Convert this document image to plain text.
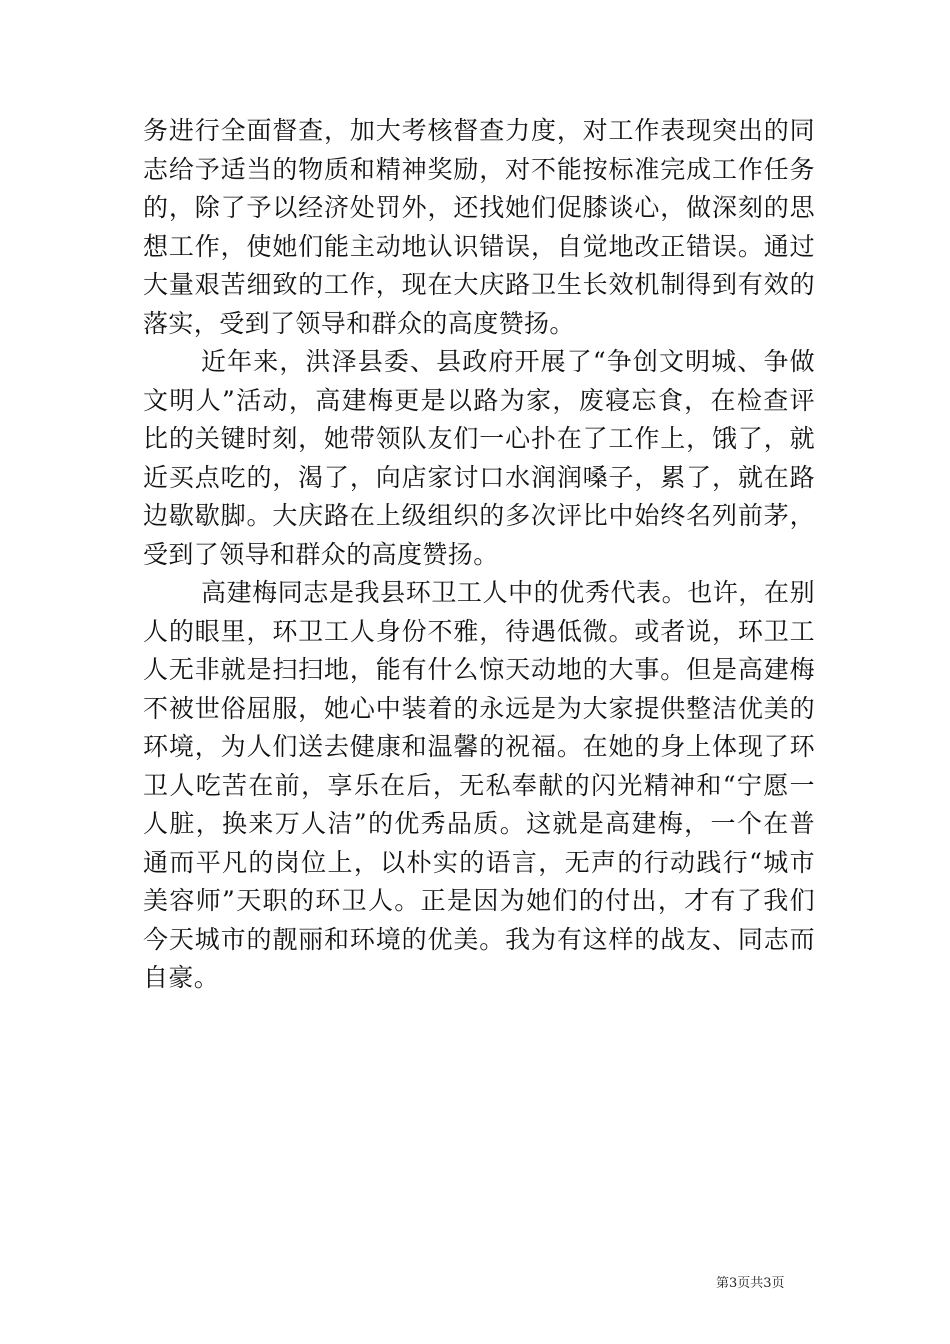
务进行全面督查，加大考核督查力度，对工作表现突出的同志给予适当的物质和精神奖励，对不能按标准完成工作任务的，除了予以经济处罚外，还找她们促膝谈心，做深刻的思想工作，使她们能主动地认识错误，自觉地改正错误。通过大量艰苦细致的工作，现在大庆路卫生长效机制得到有效的落实，受到了领导和群众的高度赞扬。

近年来，洪泽县委、县政府开展了“争创文明城、争做文明人”活动，高建梅更是以路为家，废寝忘食，在检查评比的关键时刻，她带领队友们一心扑在了工作上，饿了，就近买点吃的，渴了，向店家讨口水润润嗓子，累了，就在路边歇歇脚。大庆路在上级组织的多次评比中始终名列前茅，受到了领导和群众的高度赞扬。

高建梅同志是我县环卫工人中的优秀代表。也许，在别人的眼里，环卫工人身份不雅，待遇低微。或者说，环卫工人无非就是扫扫地，能有什么惊天动地的大事。但是高建梅不被世俗屈服，她心中装着的永远是为大家提供整洁优美的环境，为人们送去健康和温馨的祝福。在她的身上体现了环卫人吃苦在前，享乐在后，无私奉献的闪光精神和“宁愿一人脏，换来万人洁”的优秀品质。这就是高建梅，一个在普通而平凡的岗位上，以朴实的语言，无声的行动践行“城市美容师”天职的环卫人。正是因为她们的付出，才有了我们今天城市的靓丽和环境的优美。我为有这样的战友、同志而自豪。

第3页共3页
